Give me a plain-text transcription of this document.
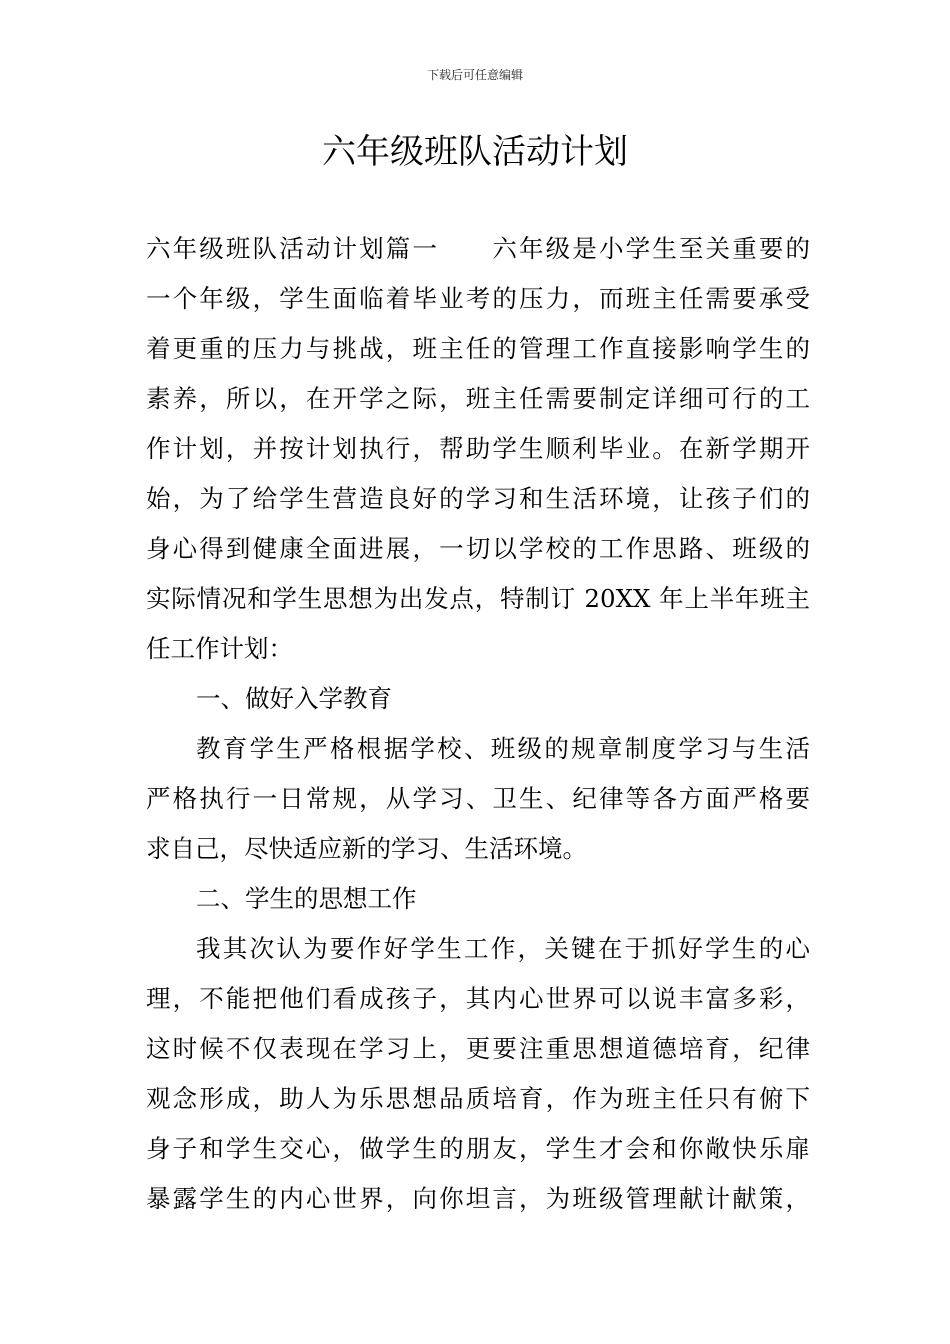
下载后可任意编辑
六年级班队活动计划
六年级班队活动计划篇一　　六年级是小学生至关重要的
一个年级，学生面临着毕业考的压力，而班主任需要承受
着更重的压力与挑战，班主任的管理工作直接影响学生的
素养，所以，在开学之际，班主任需要制定详细可行的工
作计划，并按计划执行，帮助学生顺利毕业。在新学期开
始，为了给学生营造良好的学习和生活环境，让孩子们的
身心得到健康全面进展，一切以学校的工作思路、班级的
实际情况和学生思想为出发点，特制订 20XX 年上半年班主
任工作计划：
一、做好入学教育
教育学生严格根据学校、班级的规章制度学习与生活
严格执行一日常规，从学习、卫生、纪律等各方面严格要
求自己，尽快适应新的学习、生活环境。
二、学生的思想工作
我其次认为要作好学生工作，关键在于抓好学生的心
理，不能把他们看成孩子，其内心世界可以说丰富多彩，
这时候不仅表现在学习上，更要注重思想道德培育，纪律
观念形成，助人为乐思想品质培育，作为班主任只有俯下
身子和学生交心，做学生的朋友，学生才会和你敞快乐扉
暴露学生的内心世界，向你坦言，为班级管理献计献策，
